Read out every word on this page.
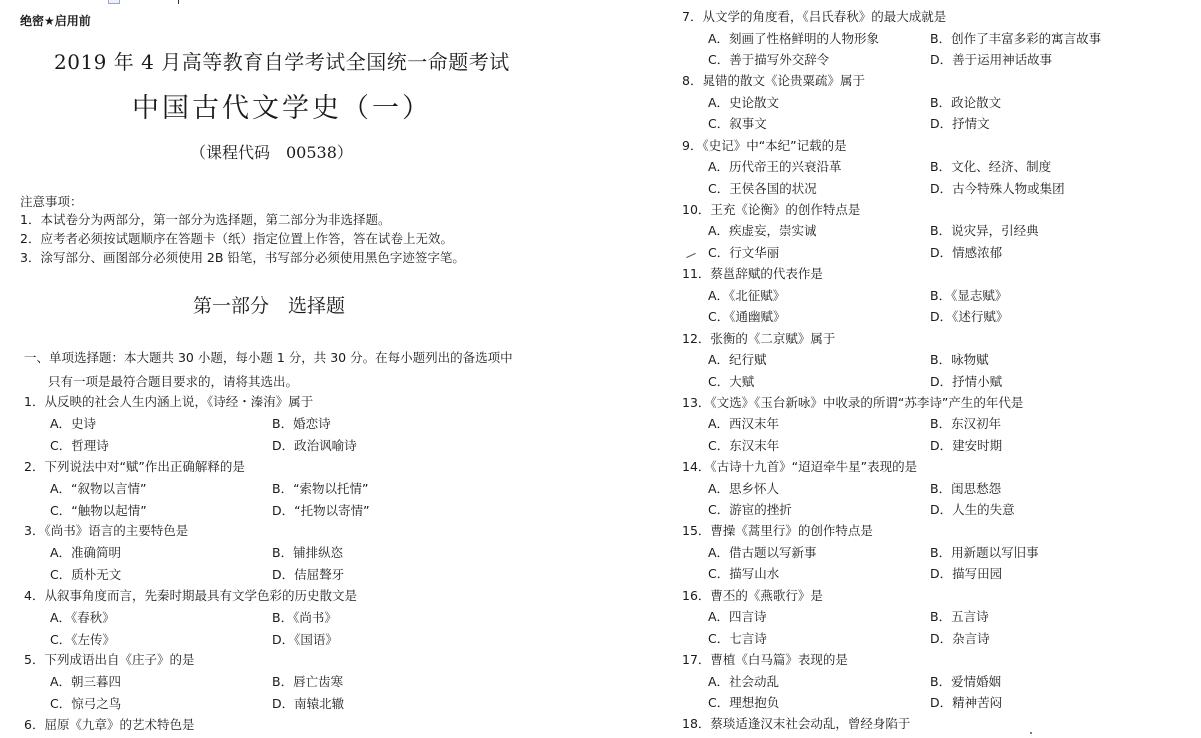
绝密★启用前
2019 年 4 月高等教育自学考试全国统一命题考试
中国古代文学史（一）
（课程代码　00538）
注意事项：
1．本试卷分为两部分，第一部分为选择题，第二部分为非选择题。
2．应考者必须按试题顺序在答题卡（纸）指定位置上作答，答在试卷上无效。
3．涂写部分、画图部分必须使用 2B 铅笔，书写部分必须使用黑色字迹签字笔。
第一部分　选择题
一、单项选择题：本大题共 30 小题，每小题 1 分，共 30 分。在每小题列出的备选项中
只有一项是最符合题目要求的，请将其选出。
1．从反映的社会人生内涵上说，《诗经・溱洧》属于
A．史诗	B．婚恋诗
C．哲理诗	D．政治讽喻诗
2．下列说法中对“赋”作出正确解释的是
A．“叙物以言情”	B．“索物以托情”
C．“触物以起情”	D．“托物以寄情”
3．《尚书》语言的主要特色是
A．准确简明	B．铺排纵恣
C．质朴无文	D．佶屈聱牙
4．从叙事角度而言，先秦时期最具有文学色彩的历史散文是
A．《春秋》	B．《尚书》
C．《左传》	D．《国语》
5．下列成语出自《庄子》的是
A．朝三暮四	B．唇亡齿寒
C．惊弓之鸟	D．南辕北辙
6．屈原《九章》的艺术特色是
7．从文学的角度看，《吕氏春秋》的最大成就是
A．刻画了性格鲜明的人物形象	B．创作了丰富多彩的寓言故事
C．善于描写外交辞令	D．善于运用神话故事
8．晁错的散文《论贵粟疏》属于
A．史论散文	B．政论散文
C．叙事文	D．抒情文
9．《史记》中“本纪”记载的是
A．历代帝王的兴衰沿革	B．文化、经济、制度
C．王侯各国的状况	D．古今特殊人物或集团
10．王充《论衡》的创作特点是
A．疾虚妄，崇实诚	B．说灾异，引经典
C．行文华丽	D．情感浓郁
11．蔡邕辞赋的代表作是
A．《北征赋》	B．《显志赋》
C．《通幽赋》	D．《述行赋》
12．张衡的《二京赋》属于
A．纪行赋	B．咏物赋
C．大赋	D．抒情小赋
13．《文选》《玉台新咏》中收录的所谓“苏李诗”产生的年代是
A．西汉末年	B．东汉初年
C．东汉末年	D．建安时期
14．《古诗十九首》“迢迢牵牛星”表现的是
A．思乡怀人	B．闺思愁怨
C．游宦的挫折	D．人生的失意
15．曹操《蒿里行》的创作特点是
A．借古题以写新事	B．用新题以写旧事
C．描写山水	D．描写田园
16．曹丕的《燕歌行》是
A．四言诗	B．五言诗
C．七言诗	D．杂言诗
17．曹植《白马篇》表现的是
A．社会动乱	B．爱情婚姻
C．理想抱负	D．精神苦闷
18．蔡琰适逢汉末社会动乱，曾经身陷于
